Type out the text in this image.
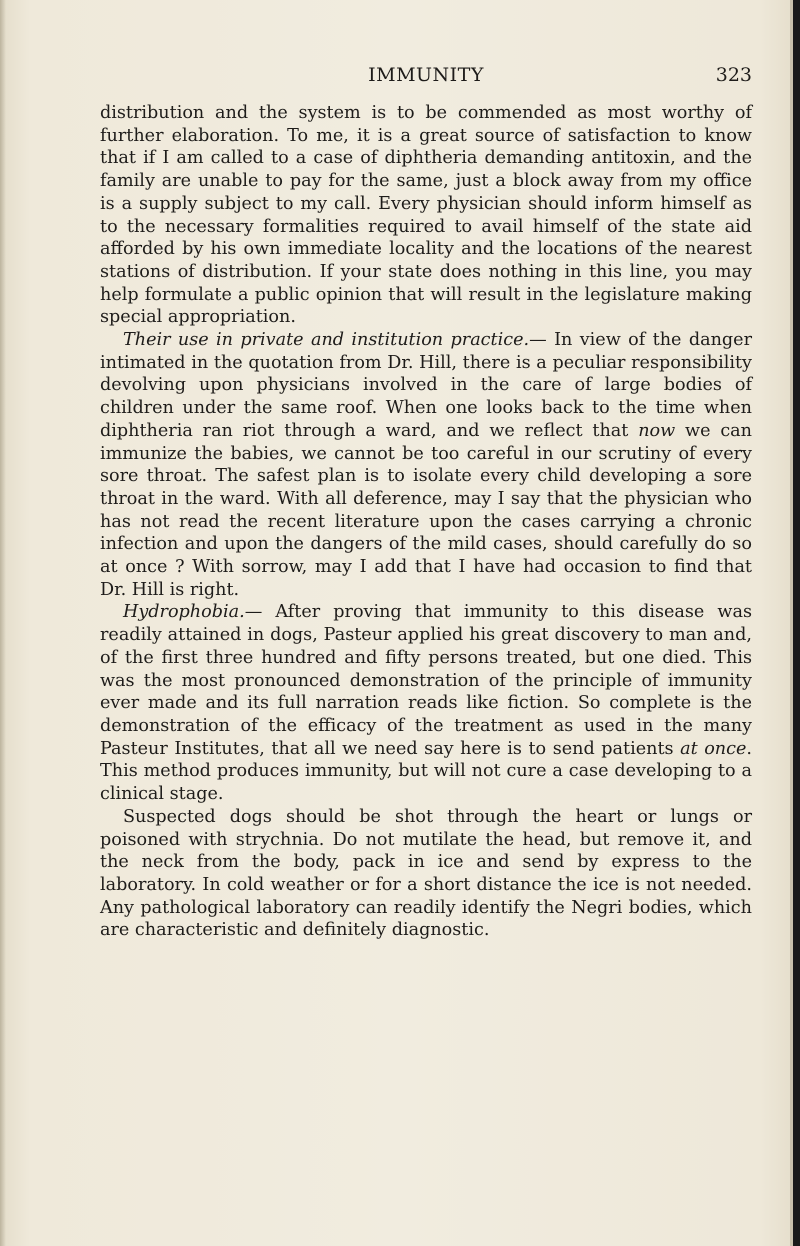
IMMUNITY	323

distribution and the system is to be commended as most worthy of further elaboration. To me, it is a great source of satisfaction to know that if I am called to a case of diphtheria demanding antitoxin, and the family are unable to pay for the same, just a block away from my office is a supply subject to my call. Every physician should inform himself as to the necessary formalities required to avail himself of the state aid afforded by his own immediate locality and the locations of the nearest stations of distribution. If your state does nothing in this line, you may help formulate a public opinion that will result in the legislature making special appropriation.

Their use in private and institution practice.— In view of the danger intimated in the quotation from Dr. Hill, there is a peculiar responsibility devolving upon physicians involved in the care of large bodies of children under the same roof. When one looks back to the time when diphtheria ran riot through a ward, and we reflect that now we can immunize the babies, we cannot be too careful in our scrutiny of every sore throat. The safest plan is to isolate every child developing a sore throat in the ward. With all deference, may I say that the physician who has not read the recent literature upon the cases carrying a chronic infection and upon the dangers of the mild cases, should carefully do so at once ? With sorrow, may I add that I have had occasion to find that Dr. Hill is right.

Hydrophobia.— After proving that immunity to this disease was readily attained in dogs, Pasteur applied his great discovery to man and, of the first three hundred and fifty persons treated, but one died. This was the most pronounced demonstration of the principle of immunity ever made and its full narration reads like fiction. So complete is the demonstration of the efficacy of the treatment as used in the many Pasteur Institutes, that all we need say here is to send patients at once. This method produces immunity, but will not cure a case developing to a clinical stage.

Suspected dogs should be shot through the heart or lungs or poisoned with strychnia. Do not mutilate the head, but remove it, and the neck from the body, pack in ice and send by express to the laboratory. In cold weather or for a short distance the ice is not needed. Any pathological laboratory can readily identify the Negri bodies, which are characteristic and definitely diagnostic.
